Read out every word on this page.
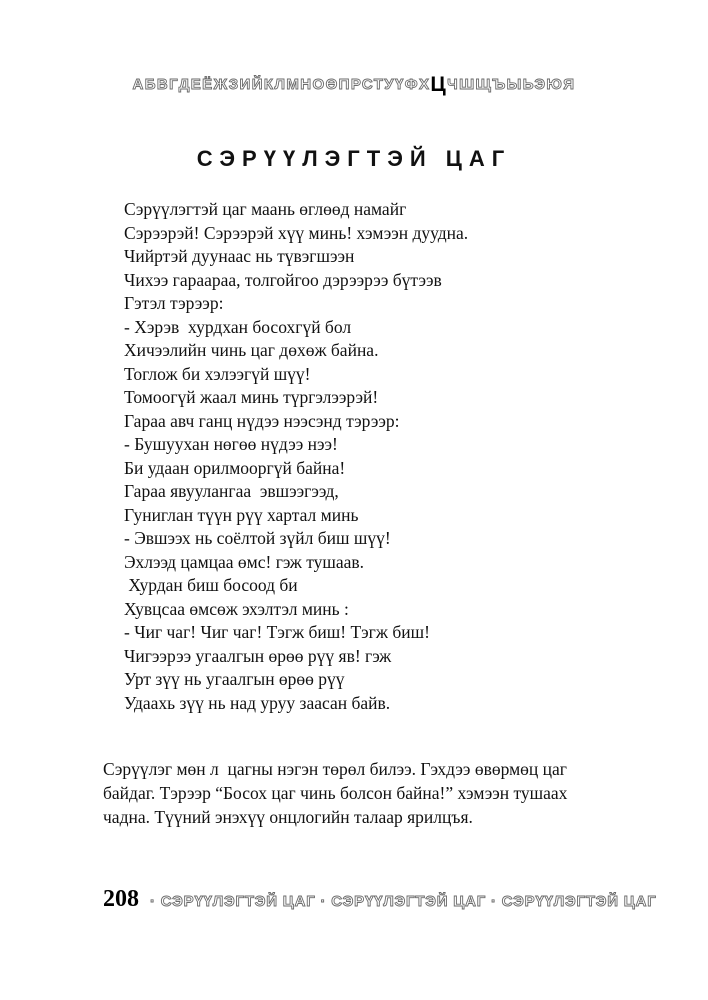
АБВГДЕЁЖЗИЙКЛМНОӨПРСТУҮФХЦЧШЩЪЫЬЭЮЯ
СЭРҮҮЛЭГТЭЙ ЦАГ
Сэрүүлэгтэй цаг маань өглөөд намайг
Сэрээрэй! Сэрээрэй хүү минь! хэмээн дуудна.
Чийртэй дуунаас нь түвэгшээн
Чихээ гараараа, толгойгоо дэрээрээ бүтээв
Гэтэл тэрээр:
- Хэрэв  хурдхан босохгүй бол
Хичээлийн чинь цаг дөхөж байна.
Тоглож би хэлээгүй шүү!
Томоогүй жаал минь түргэлээрэй!
Гараа авч ганц нүдээ нээсэнд тэрээр:
- Бушуухан нөгөө нүдээ нээ!
Би удаан орилмооргүй байна!
Гараа явуулангаа  эвшээгээд,
Гуниглан түүн рүү хартал минь
- Эвшээх нь соёлтой зүйл биш шүү!
Эхлээд цамцаа өмс! гэж тушаав.
Хурдан биш босоод би
Хувцсаа өмсөж эхэлтэл минь :
- Чиг чаг! Чиг чаг! Тэгж биш! Тэгж биш!
Чигээрээ угаалгын өрөө рүү яв! гэж
Урт зүү нь угаалгын өрөө рүү
Удаахь зүү нь над уруу заасан байв.
Сэрүүлэг мөн л  цагны нэгэн төрөл билээ. Гэхдээ өвөрмөц цаг
байдаг. Тэрээр “Босох цаг чинь болсон байна!” хэмээн тушаах
чадна. Түүний энэхүү онцлогийн талаар ярилцъя.
208 · СЭРҮҮЛЭГТЭЙ ЦАГ · СЭРҮҮЛЭГТЭЙ ЦАГ · СЭРҮҮЛЭГТЭЙ ЦАГ
